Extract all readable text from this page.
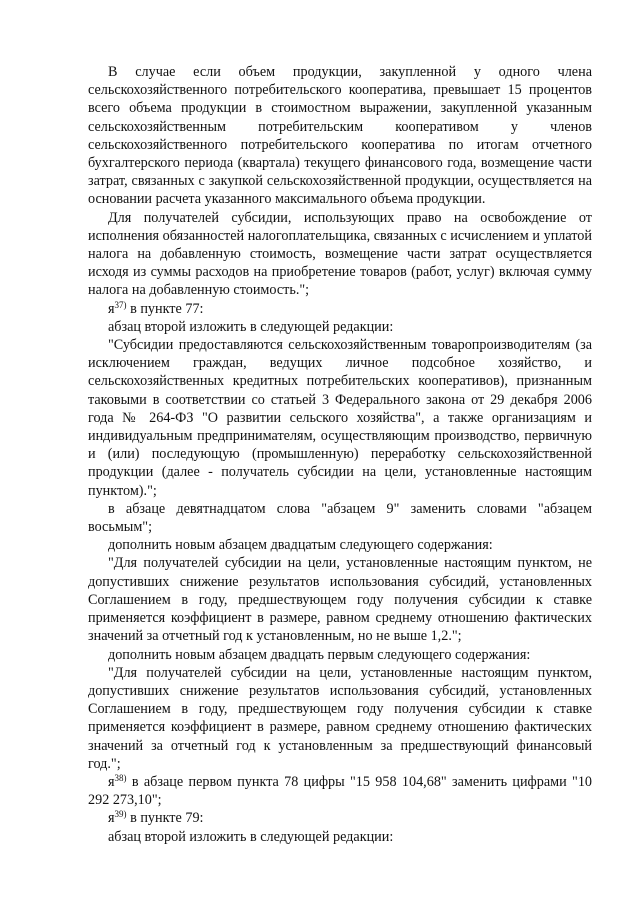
В случае если объем продукции, закупленной у одного члена сельскохозяйственного потребительского кооператива, превышает 15 процентов всего объема продукции в стоимостном выражении, закупленной указанным сельскохозяйственным потребительским кооперативом у членов сельскохозяйственного потребительского кооператива по итогам отчетного бухгалтерского периода (квартала) текущего финансового года, возмещение части затрат, связанных с закупкой сельскохозяйственной продукции, осуществляется на основании расчета указанного максимального объема продукции.

Для получателей субсидии, использующих право на освобождение от исполнения обязанностей налогоплательщика, связанных с исчислением и уплатой налога на добавленную стоимость, возмещение части затрат осуществляется исходя из суммы расходов на приобретение товаров (работ, услуг) включая сумму налога на добавленную стоимость.";

$я^{37)}$ в пункте 77:

абзац второй изложить в следующей редакции:

"Субсидии предоставляются сельскохозяйственным товаропроизводителям (за исключением граждан, ведущих личное подсобное хозяйство, и сельскохозяйственных кредитных потребительских кооперативов), признанным таковыми в соответствии со статьей 3 Федерального закона от 29 декабря 2006 года № 264-ФЗ "О развитии сельского хозяйства", а также организациям и индивидуальным предпринимателям, осуществляющим производство, первичную и (или) последующую (промышленную) переработку сельскохозяйственной продукции (далее - получатель субсидии на цели, установленные настоящим пунктом).";

в абзаце девятнадцатом слова "абзацем 9" заменить словами "абзацем восьмым";

дополнить новым абзацем двадцатым следующего содержания:

"Для получателей субсидии на цели, установленные настоящим пунктом, не допустивших снижение результатов использования субсидий, установленных Соглашением в году, предшествующем году получения субсидии к ставке применяется коэффициент в размере, равном среднему отношению фактических значений за отчетный год к установленным, но не выше 1,2.";

дополнить новым абзацем двадцать первым следующего содержания:

"Для получателей субсидии на цели, установленные настоящим пунктом, допустивших снижение результатов использования субсидий, установленных Соглашением в году, предшествующем году получения субсидии к ставке применяется коэффициент в размере, равном среднему отношению фактических значений за отчетный год к установленным за предшествующий финансовый год.";

$я^{38)}$ в абзаце первом пункта 78 цифры "15 958 104,68" заменить цифрами "10 292 273,10";

$я^{39)}$ в пункте 79:

абзац второй изложить в следующей редакции:
